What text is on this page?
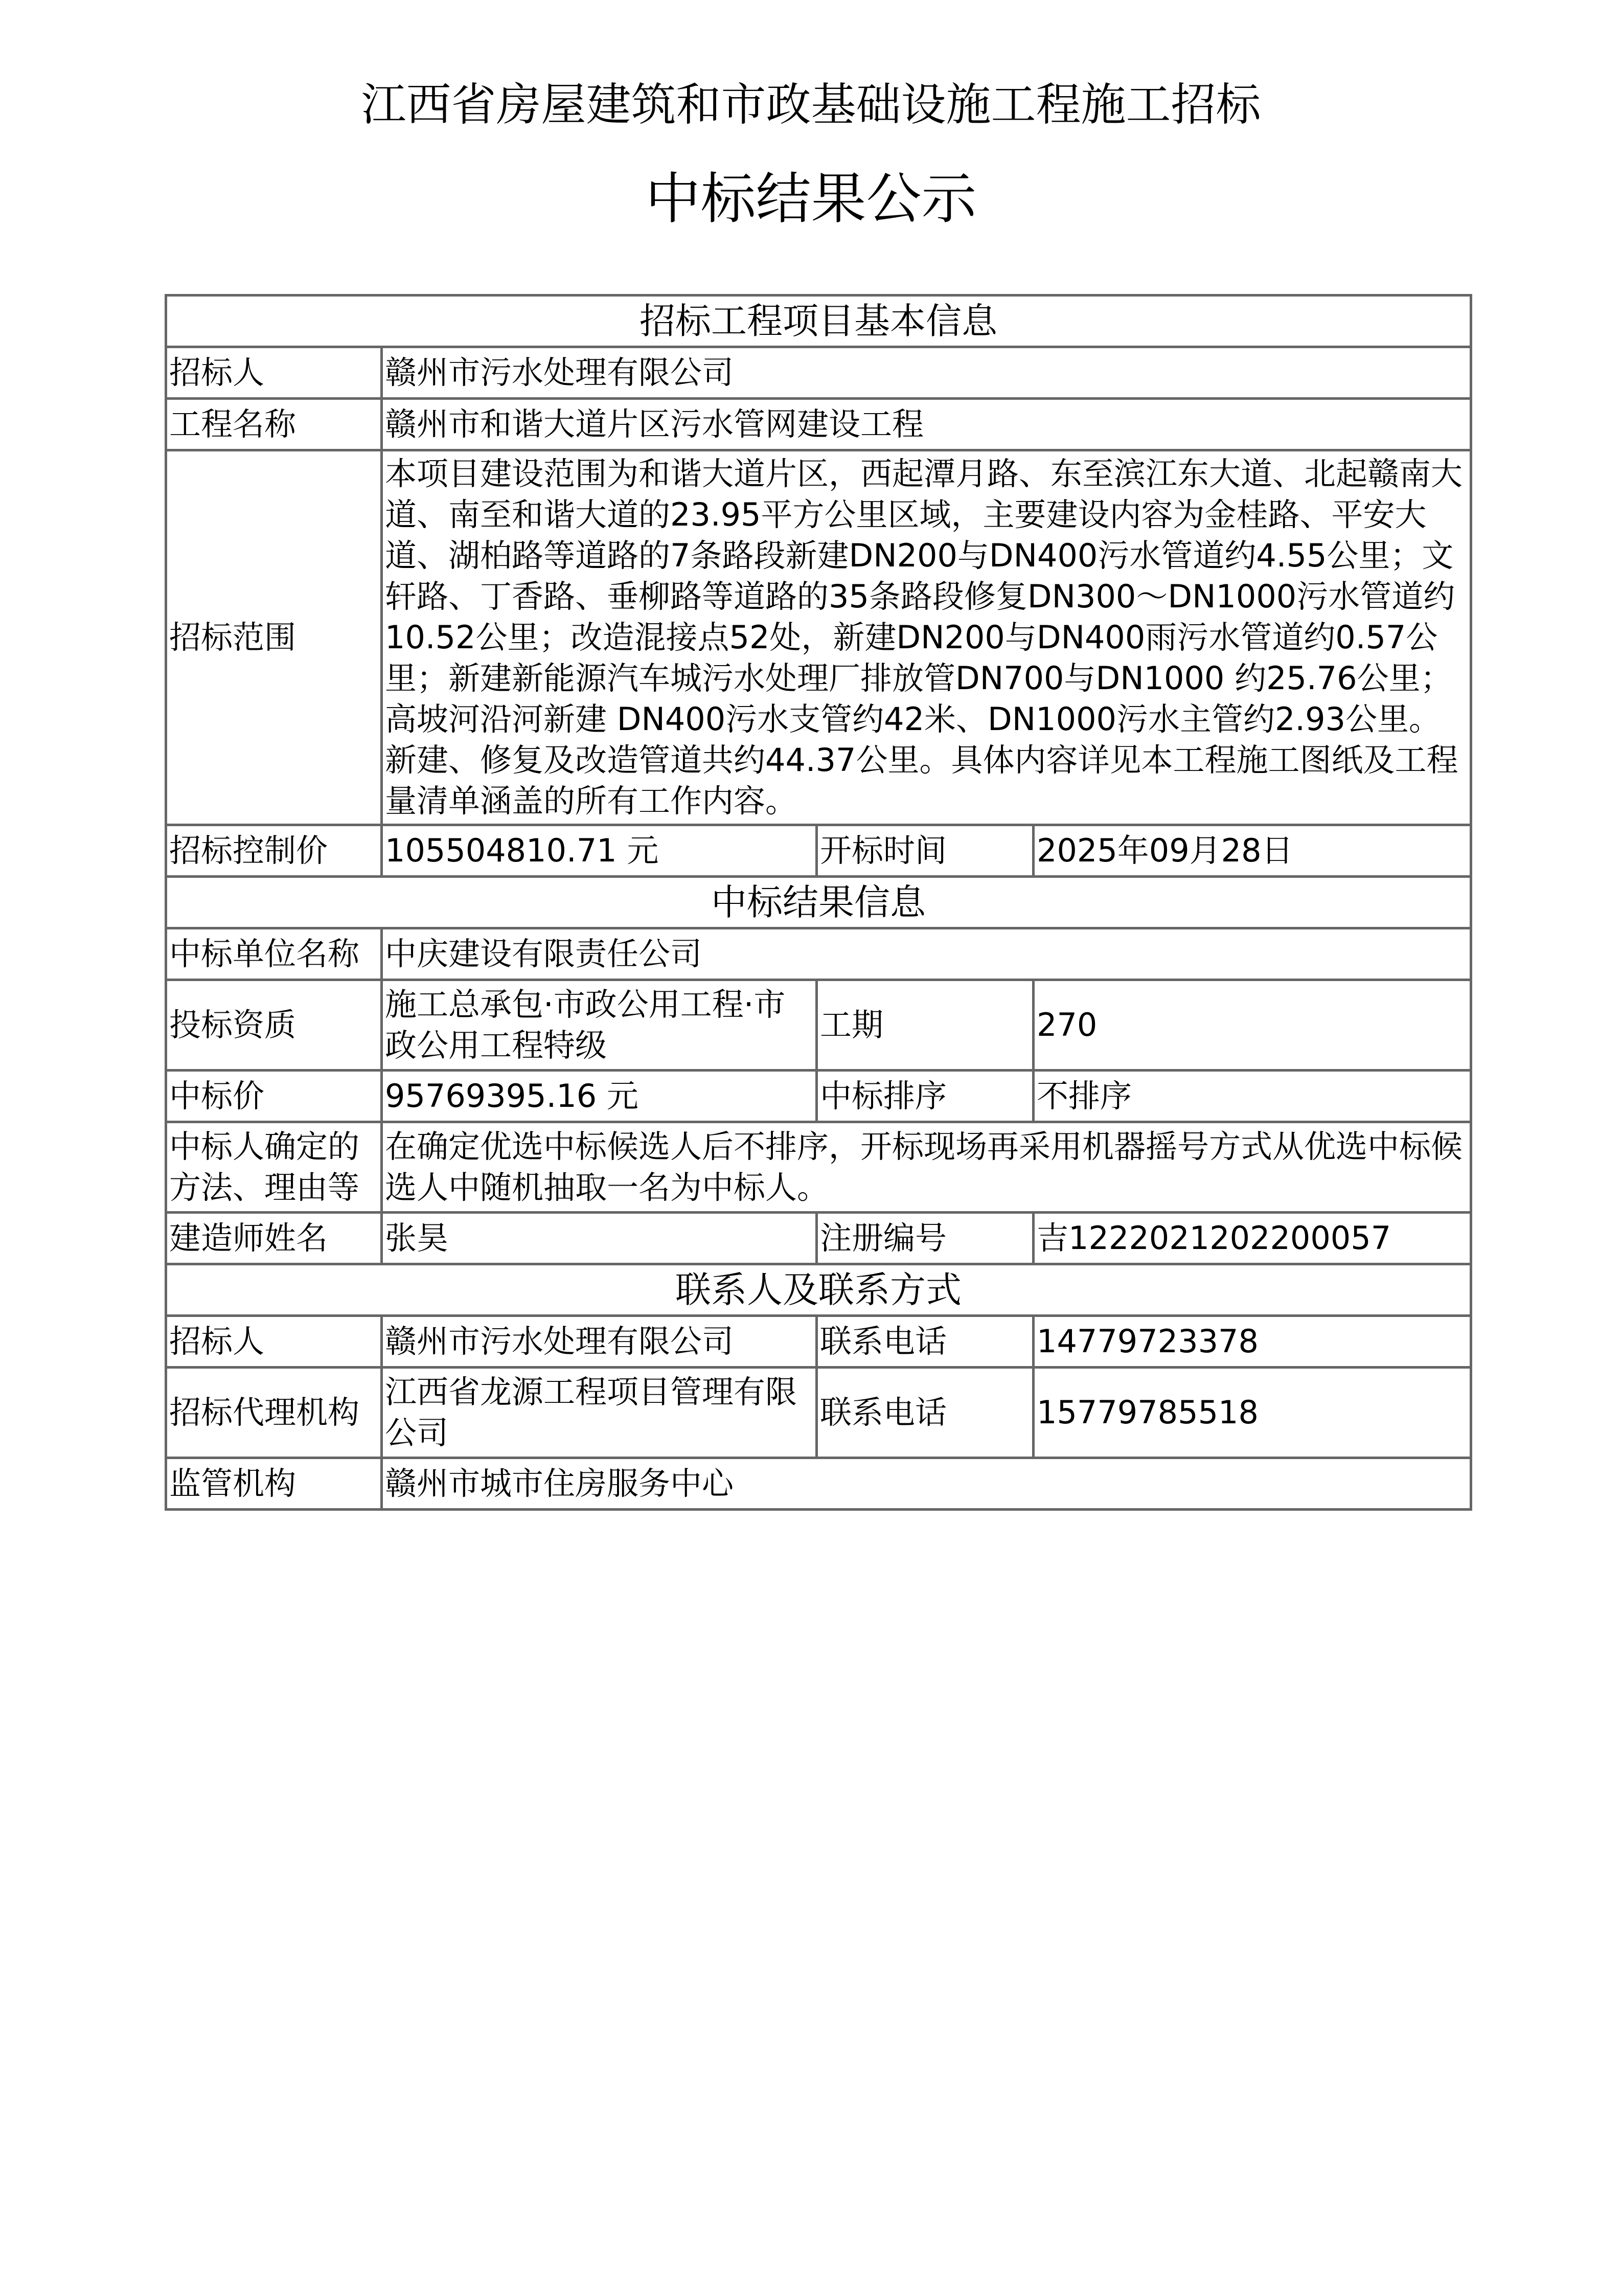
江西省房屋建筑和市政基础设施工程施工招标
中标结果公示
招标工程项目基本信息			
招标人	赣州市污水处理有限公司		
工程名称	赣州市和谐大道片区污水管网建设工程		
招标范围	本项目建设范围为和谐大道片区，西起潭月路、东至滨江东大道、北起赣南大道、南至和谐大道的23.95平方公里区域，主要建设内容为金桂路、平安大道、湖柏路等道路的7条路段新建DN200与DN400污水管道约4.55公里；文轩路、丁香路、垂柳路等道路的35条路段修复DN300～DN1000污水管道约10.52公里；改造混接点52处，新建DN200与DN400雨污水管道约0.57公里；新建新能源汽车城污水处理厂排放管DN700与DN1000 约25.76公里；高坡河沿河新建 DN400污水支管约42米、DN1000污水主管约2.93公里。新建、修复及改造管道共约44.37公里。具体内容详见本工程施工图纸及工程量清单涵盖的所有工作内容。		
招标控制价	105504810.71 元	开标时间	2025年09月28日
中标结果信息			
中标单位名称	中庆建设有限责任公司		
投标资质	施工总承包·市政公用工程·市政公用工程特级	工期	270
中标价	95769395.16 元	中标排序	不排序
中标人确定的方法、理由等	在确定优选中标候选人后不排序，开标现场再采用机器摇号方式从优选中标候选人中随机抽取一名为中标人。		
建造师姓名	张昊	注册编号	吉1222021202200057
联系人及联系方式			
招标人	赣州市污水处理有限公司	联系电话	14779723378
招标代理机构	江西省龙源工程项目管理有限公司	联系电话	15779785518
监管机构	赣州市城市住房服务中心		
